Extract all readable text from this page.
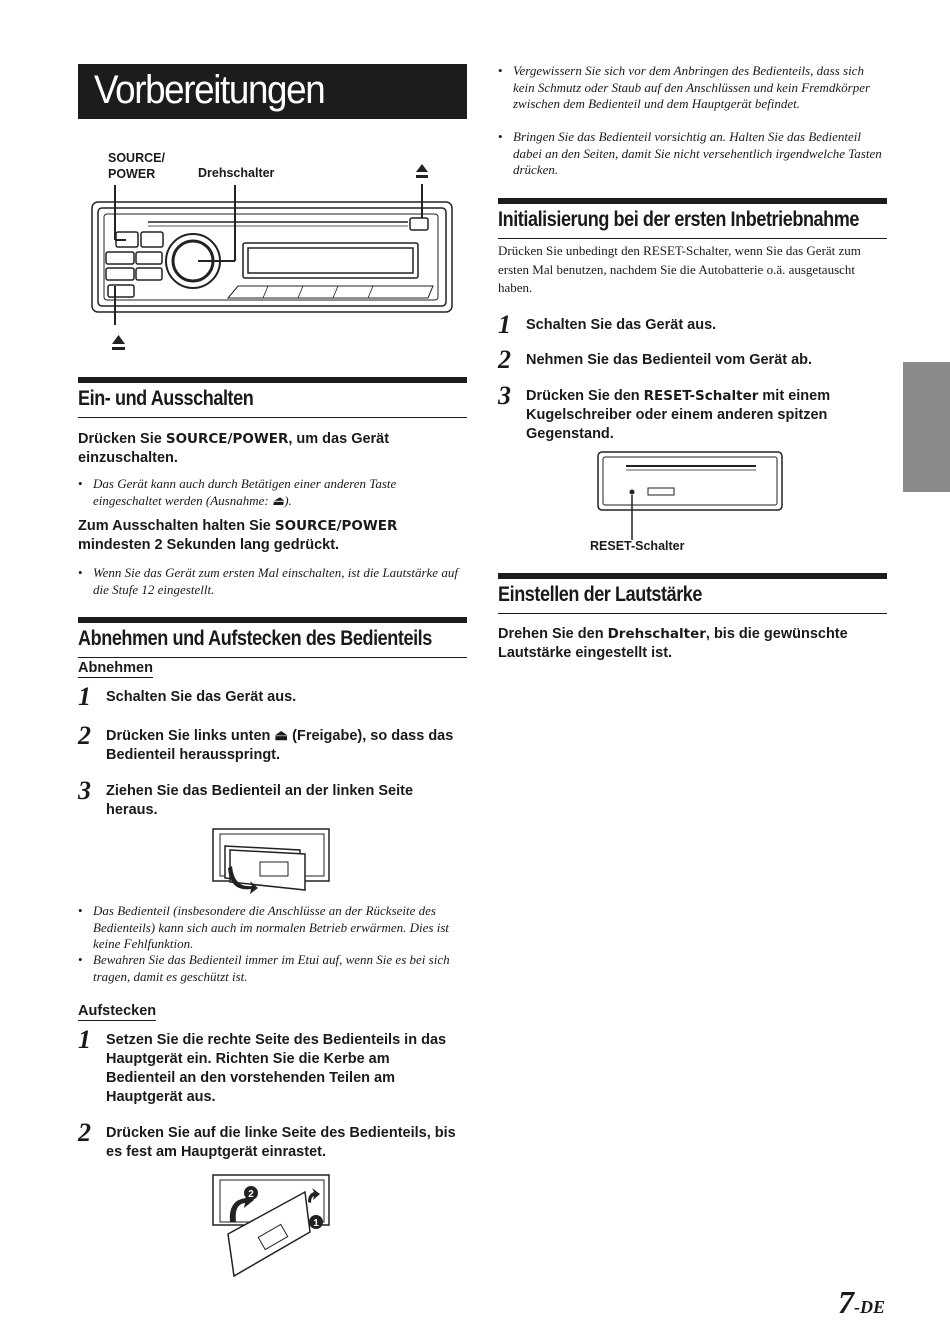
Vorbereitungen
SOURCE/
POWER	Drehschalter
Ein- und Ausschalten
Drücken Sie SOURCE/POWER, um das Gerät einzuschalten.
• Das Gerät kann auch durch Betätigen einer anderen Taste eingeschaltet werden (Ausnahme: ⏏).
Zum Ausschalten halten Sie SOURCE/POWER mindesten 2 Sekunden lang gedrückt.
• Wenn Sie das Gerät zum ersten Mal einschalten, ist die Lautstärke auf die Stufe 12 eingestellt.
Abnehmen und Aufstecken des Bedienteils
Abnehmen
1 Schalten Sie das Gerät aus.
2 Drücken Sie links unten ⏏ (Freigabe), so dass das Bedienteil herausspringt.
3 Ziehen Sie das Bedienteil an der linken Seite heraus.
• Das Bedienteil (insbesondere die Anschlüsse an der Rückseite des Bedienteils) kann sich auch im normalen Betrieb erwärmen. Dies ist keine Fehlfunktion.
• Bewahren Sie das Bedienteil immer im Etui auf, wenn Sie es bei sich tragen, damit es geschützt ist.
Aufstecken
1 Setzen Sie die rechte Seite des Bedienteils in das Hauptgerät ein. Richten Sie die Kerbe am Bedienteil an den vorstehenden Teilen am Hauptgerät aus.
2 Drücken Sie auf die linke Seite des Bedienteils, bis es fest am Hauptgerät einrastet.
2
1
• Vergewissern Sie sich vor dem Anbringen des Bedienteils, dass sich kein Schmutz oder Staub auf den Anschlüssen und kein Fremdkörper zwischen dem Bedienteil und dem Hauptgerät befindet.
• Bringen Sie das Bedienteil vorsichtig an. Halten Sie das Bedienteil dabei an den Seiten, damit Sie nicht versehentlich irgendwelche Tasten drücken.
Initialisierung bei der ersten Inbetriebnahme
Drücken Sie unbedingt den RESET-Schalter, wenn Sie das Gerät zum ersten Mal benutzen, nachdem Sie die Autobatterie o.ä. ausgetauscht haben.
1 Schalten Sie das Gerät aus.
2 Nehmen Sie das Bedienteil vom Gerät ab.
3 Drücken Sie den RESET-Schalter mit einem Kugelschreiber oder einem anderen spitzen Gegenstand.
RESET-Schalter
Einstellen der Lautstärke
Drehen Sie den Drehschalter, bis die gewünschte Lautstärke eingestellt ist.
7-DE
